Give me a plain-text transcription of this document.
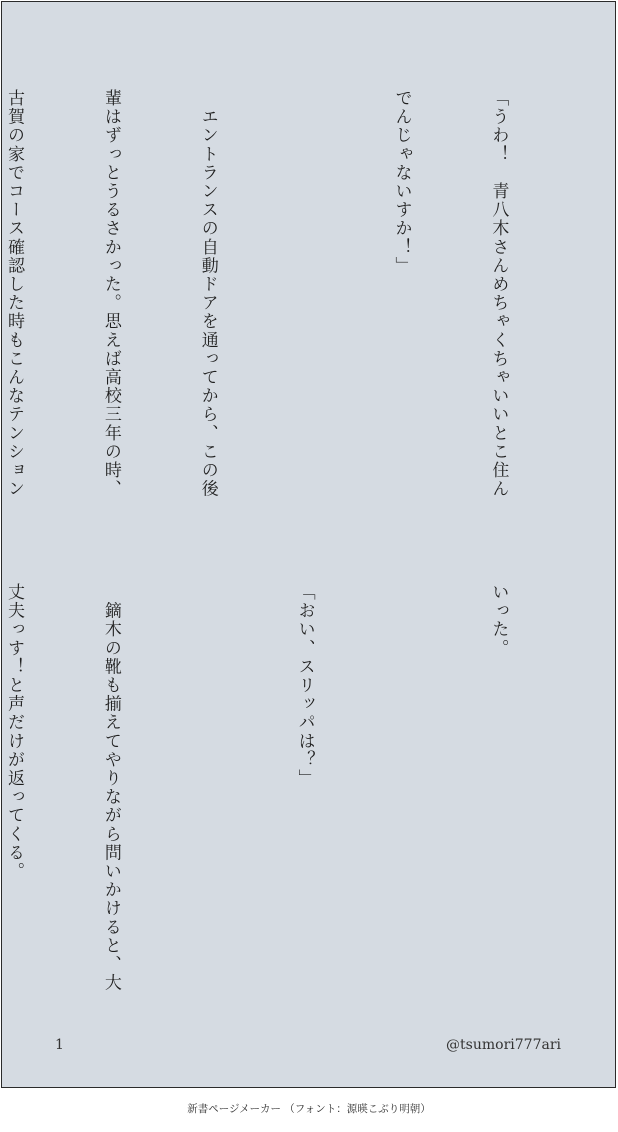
「うわ！　青八木さんめちゃくちゃいいとこ住ん

でんじゃないすか！」

　エントランスの自動ドアを通ってから、この後

輩はずっとうるさかった。思えば高校三年の時、

古賀の家でコース確認した時もこんなテンション

いった。

「おい、スリッパは？」

　鏑木の靴も揃えてやりながら問いかけると、大

丈夫っす！と声だけが返ってくる。

1	@tsumori777ari
新書ページメーカー （フォント：源暎こぶり明朝）
